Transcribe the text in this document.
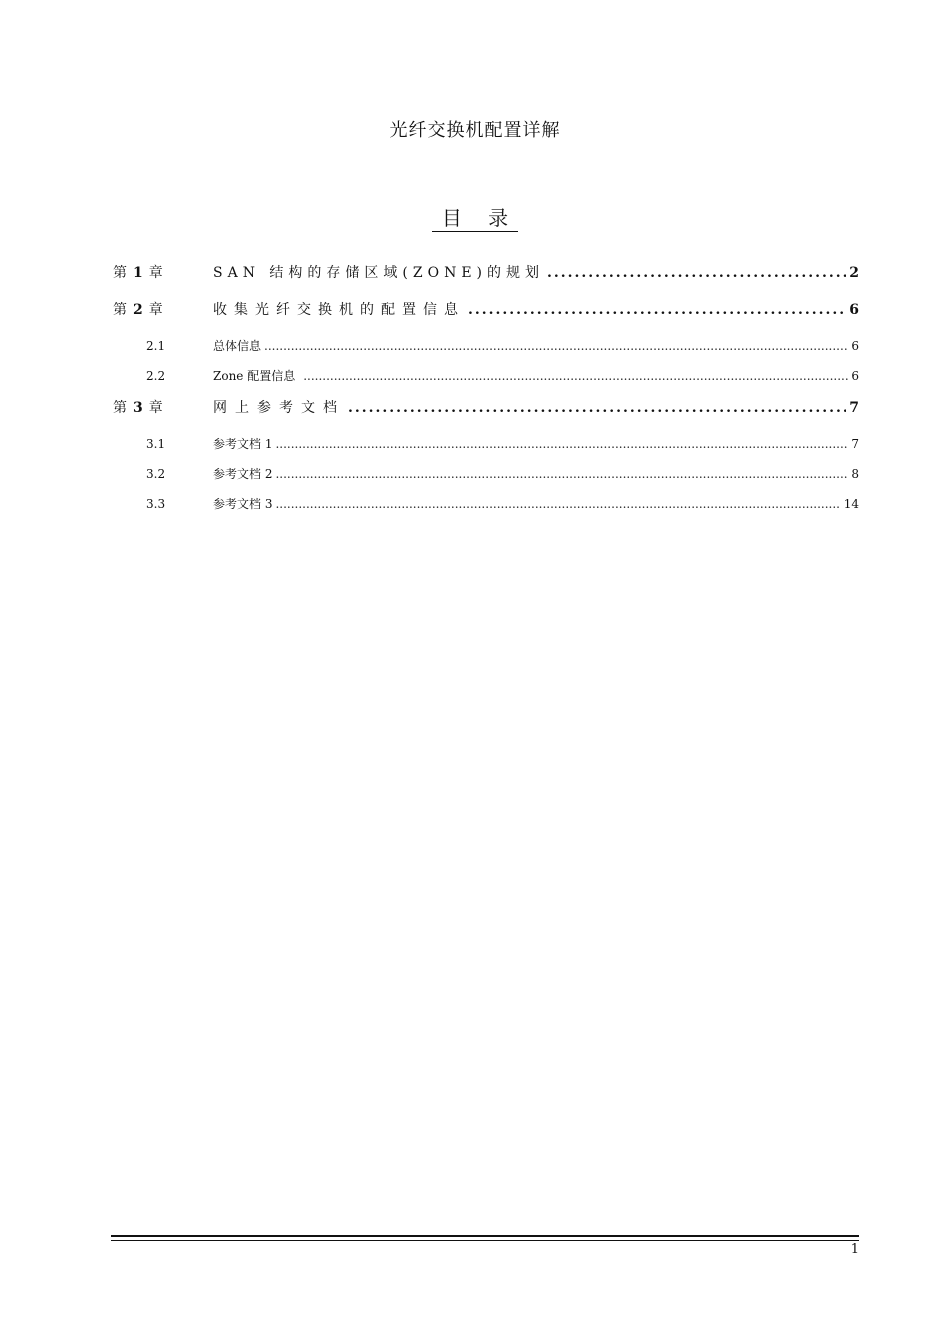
光纤交换机配置详解
目 录
第1章	SAN 结构的存储区域(ZONE)的规划 .....	2
第2章	收集光纤交换机的配置信息 .....	6
2.1	总体信息 .....	6
2.2	Zone 配置信息 .....	6
第3章	网上参考文档 .....	7
3.1	参考文档 1 .....	7
3.2	参考文档 2 .....	8
3.3	参考文档 3 .....	14
1
